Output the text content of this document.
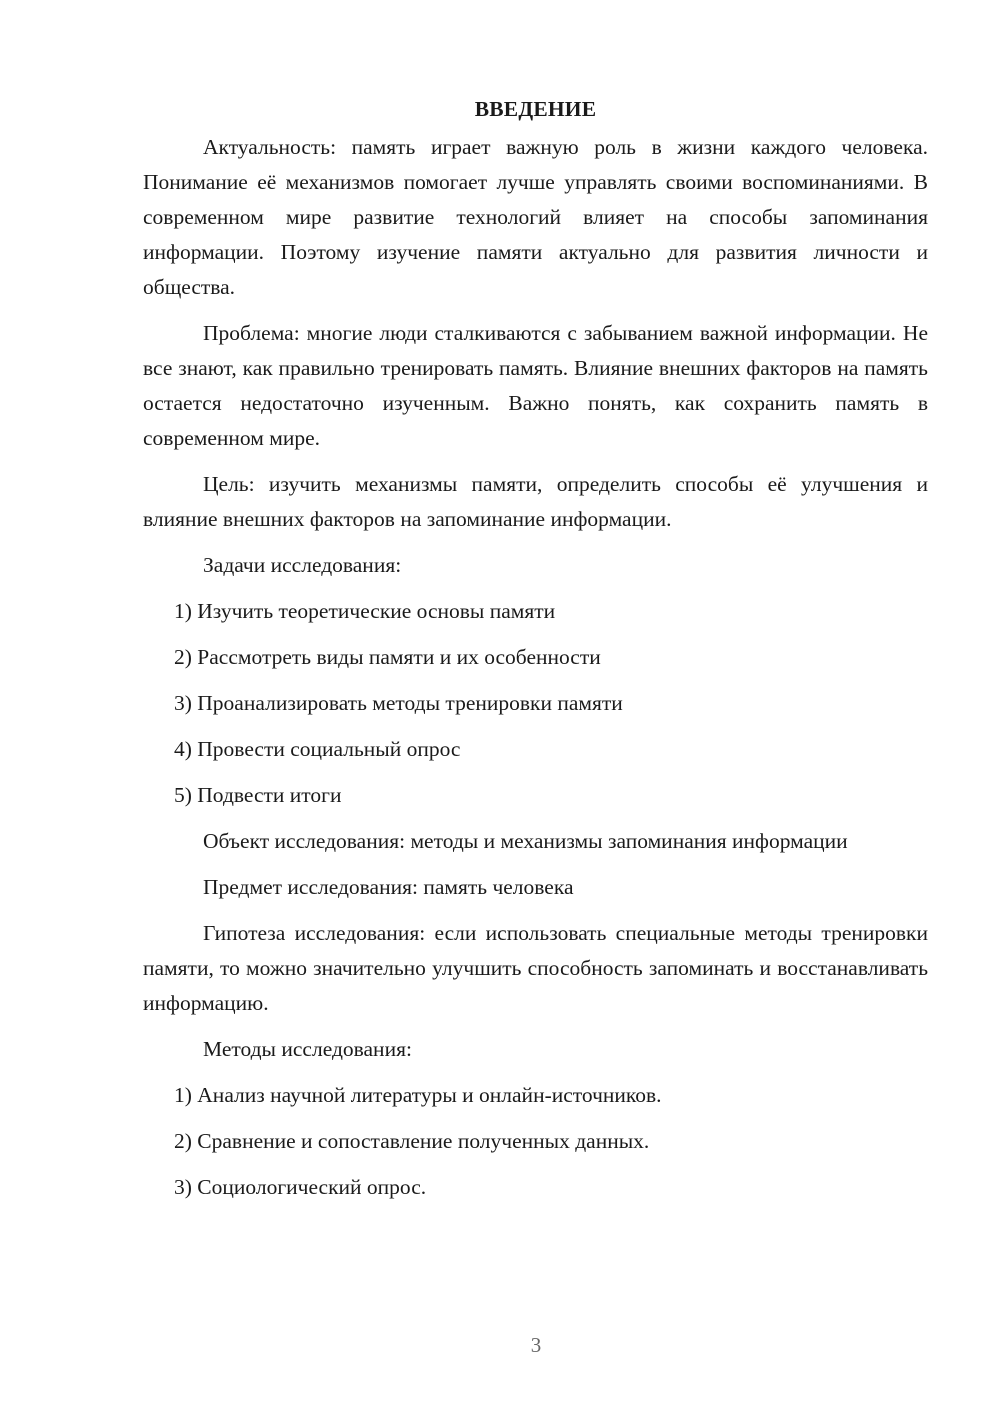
ВВЕДЕНИЕ

Актуальность: память играет важную роль в жизни каждого человека. Понимание её механизмов помогает лучше управлять своими воспоминаниями. В современном мире развитие технологий влияет на способы запоминания информации. Поэтому изучение памяти актуально для развития личности и общества.

Проблема: многие люди сталкиваются с забыванием важной информации. Не все знают, как правильно тренировать память. Влияние внешних факторов на память остается недостаточно изученным. Важно понять, как сохранить память в современном мире.

Цель: изучить механизмы памяти, определить способы её улучшения и влияние внешних факторов на запоминание информации.

Задачи исследования:

1) Изучить теоретические основы памяти

2) Рассмотреть виды памяти и их особенности

3) Проанализировать методы тренировки памяти

4) Провести социальный опрос

5) Подвести итоги

Объект исследования: методы и механизмы запоминания информации

Предмет исследования: память человека

Гипотеза исследования: если использовать специальные методы тренировки памяти, то можно значительно улучшить способность запоминать и восстанавливать информацию.

Методы исследования:

1) Анализ научной литературы и онлайн-источников.

2) Сравнение и сопоставление полученных данных.

3) Социологический опрос.

3
